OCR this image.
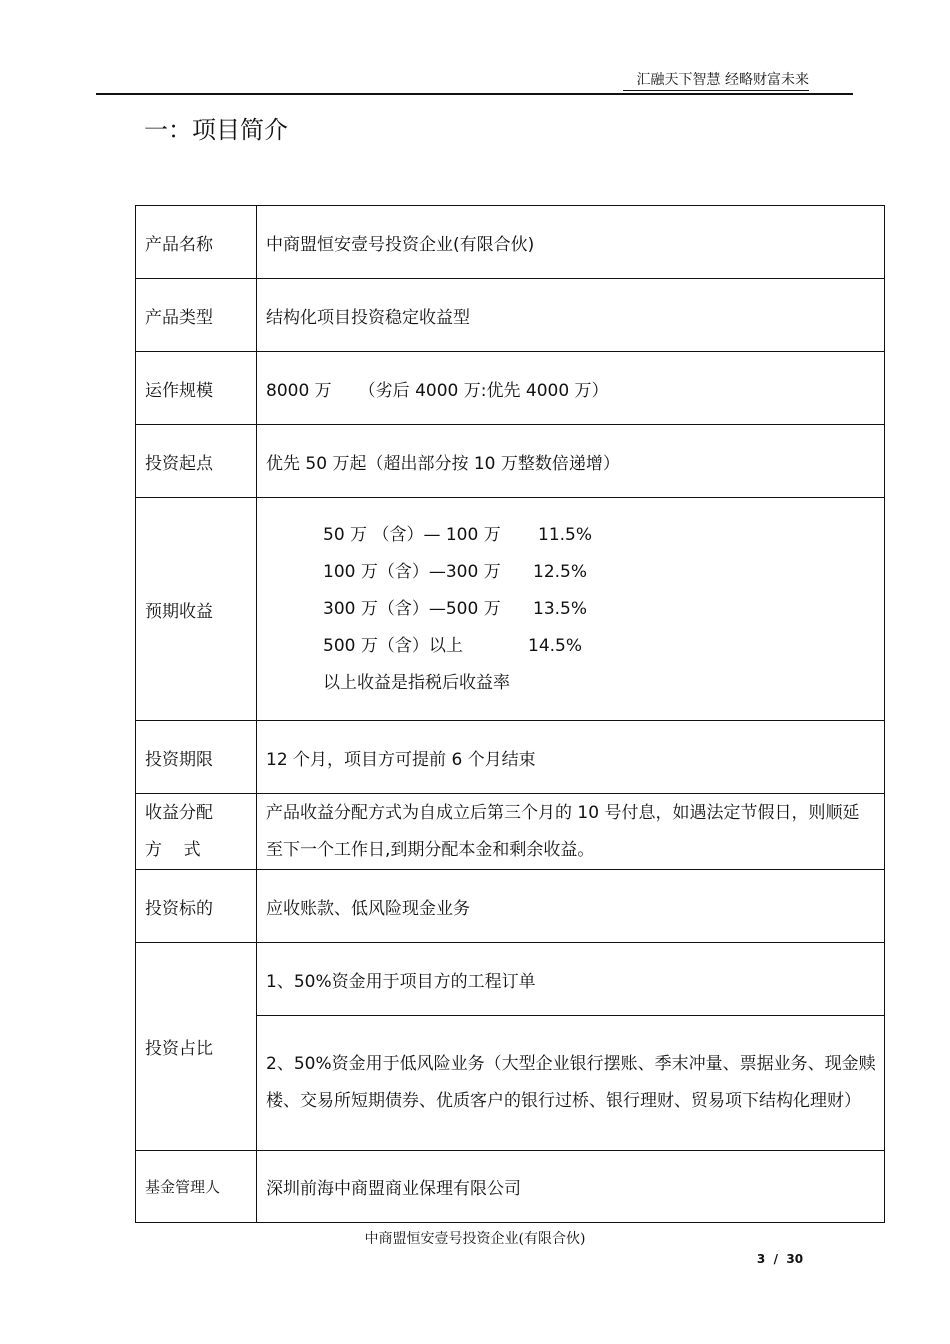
汇融天下智慧 经略财富未来
一：项目简介
产品名称	中商盟恒安壹号投资企业(有限合伙)
产品类型	结构化项目投资稳定收益型
运作规模	8000 万     （劣后 4000 万:优先 4000 万）
投资起点	优先 50 万起（超出部分按 10 万整数倍递增）
预期收益	50 万 （含）— 100 万 11.5%
100 万（含）—300 万 12.5%
300 万（含）—500 万 13.5%
500 万（含）以上 14.5%
以上收益是指税后收益率

投资期限	12 个月，项目方可提前 6 个月结束

收益分配
方    式	产品收益分配方式为自成立后第三个月的 10 号付息，如遇法定节假日，则顺延至下一个工作日,到期分配本金和剩余收益。
投资标的	应收账款、低风险现金业务
投资占比	1、50%资金用于项目方的工程订单
	2、50%资金用于低风险业务（大型企业银行摆账、季末冲量、票据业务、现金赎楼、交易所短期债券、优质客户的银行过桥、银行理财、贸易项下结构化理财）
基金管理人	深圳前海中商盟商业保理有限公司
中商盟恒安壹号投资企业(有限合伙)
3  /  30
